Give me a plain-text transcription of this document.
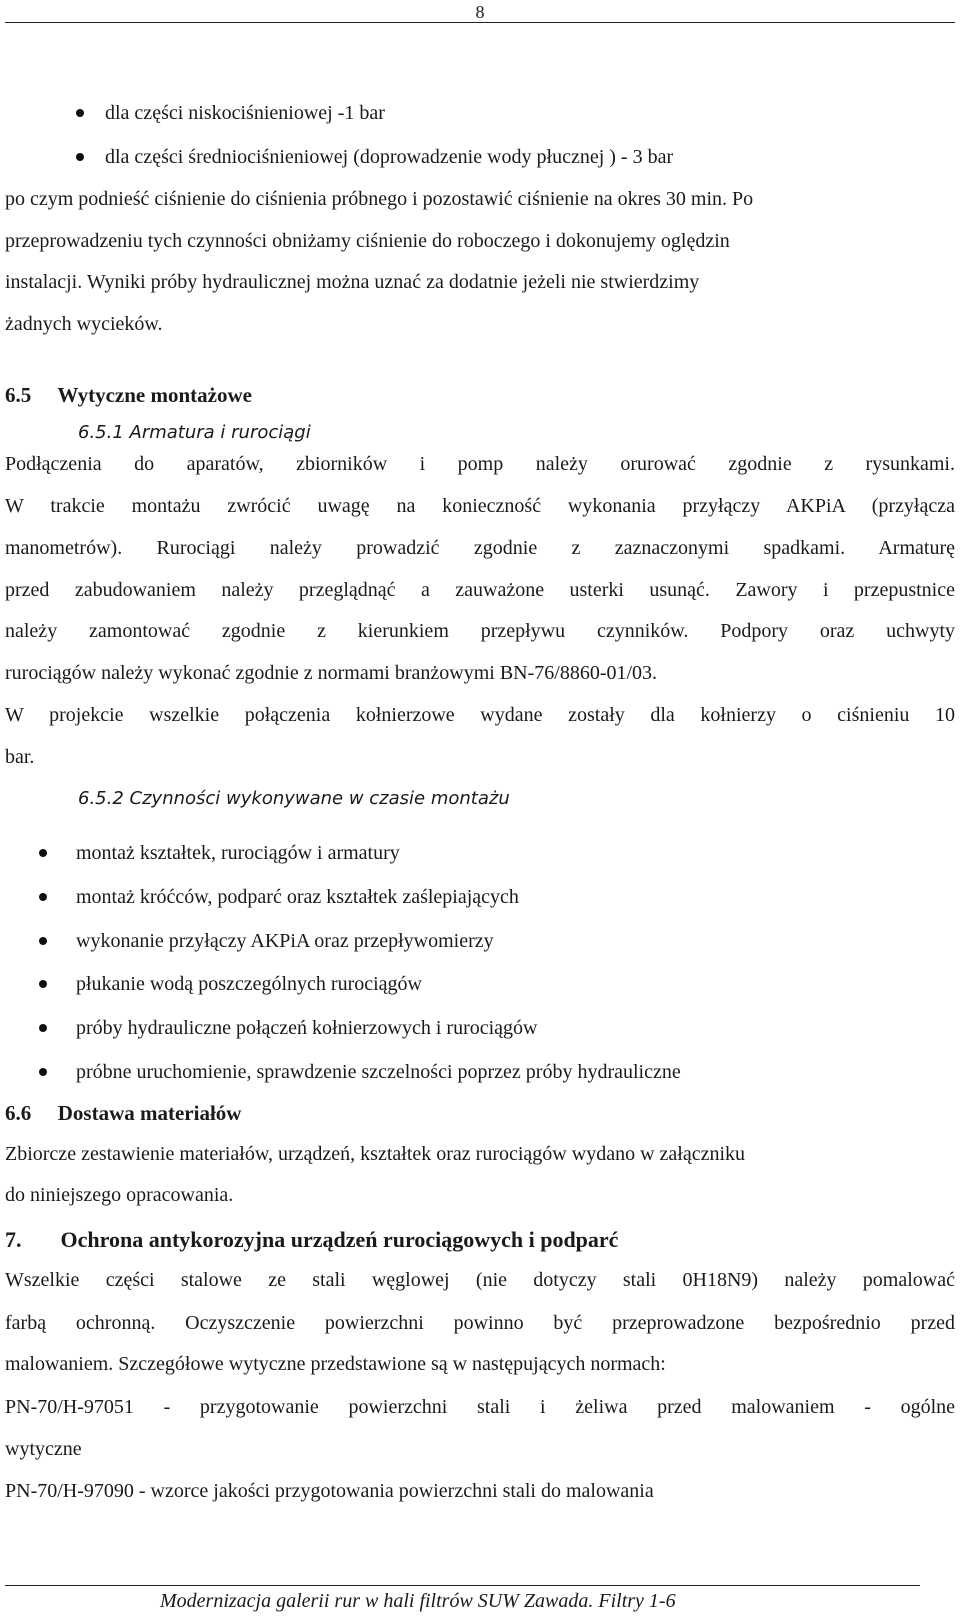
8
dla części niskociśnieniowej -1 bar
dla części średniociśnieniowej (doprowadzenie wody płucznej ) - 3 bar
po czym podnieść ciśnienie do ciśnienia próbnego i pozostawić ciśnienie na okres 30 min. Po
przeprowadzeniu tych czynności obniżamy ciśnienie do roboczego i dokonujemy oględzin
instalacji. Wyniki próby hydraulicznej można uznać za dodatnie jeżeli nie stwierdzimy
żadnych wycieków.
6.5 Wytyczne montażowe
6.5.1 Armatura i rurociągi
Podłączenia do aparatów, zbiorników i pomp należy orurować zgodnie z rysunkami.
W trakcie montażu zwrócić uwagę na konieczność wykonania przyłączy AKPiA (przyłącza
manometrów). Rurociągi należy prowadzić zgodnie z zaznaczonymi spadkami. Armaturę
przed zabudowaniem należy przeglądnąć a zauważone usterki usunąć. Zawory i przepustnice
należy zamontować zgodnie z kierunkiem przepływu czynników. Podpory oraz uchwyty
rurociągów należy wykonać zgodnie z normami branżowymi BN-76/8860-01/03.
W projekcie wszelkie połączenia kołnierzowe wydane zostały dla kołnierzy o ciśnieniu 10
bar.
6.5.2 Czynności wykonywane w czasie montażu
montaż kształtek, rurociągów i armatury
montaż króćców, podparć oraz kształtek zaślepiających
wykonanie przyłączy AKPiA oraz przepływomierzy
płukanie wodą poszczególnych rurociągów
próby hydrauliczne połączeń kołnierzowych i rurociągów
próbne uruchomienie, sprawdzenie szczelności poprzez próby hydrauliczne
6.6 Dostawa materiałów
Zbiorcze zestawienie materiałów, urządzeń, kształtek oraz rurociągów wydano w załączniku
do niniejszego opracowania.
7. Ochrona antykorozyjna urządzeń rurociągowych i podparć
Wszelkie części stalowe ze stali węglowej (nie dotyczy stali 0H18N9) należy pomalować
farbą ochronną. Oczyszczenie powierzchni powinno być przeprowadzone bezpośrednio przed
malowaniem. Szczegółowe wytyczne przedstawione są w następujących normach:
PN-70/H-97051 - przygotowanie powierzchni stali i żeliwa przed malowaniem - ogólne
wytyczne
PN-70/H-97090 - wzorce jakości przygotowania powierzchni stali do malowania
Modernizacja galerii rur w hali filtrów SUW Zawada. Filtry 1-6
